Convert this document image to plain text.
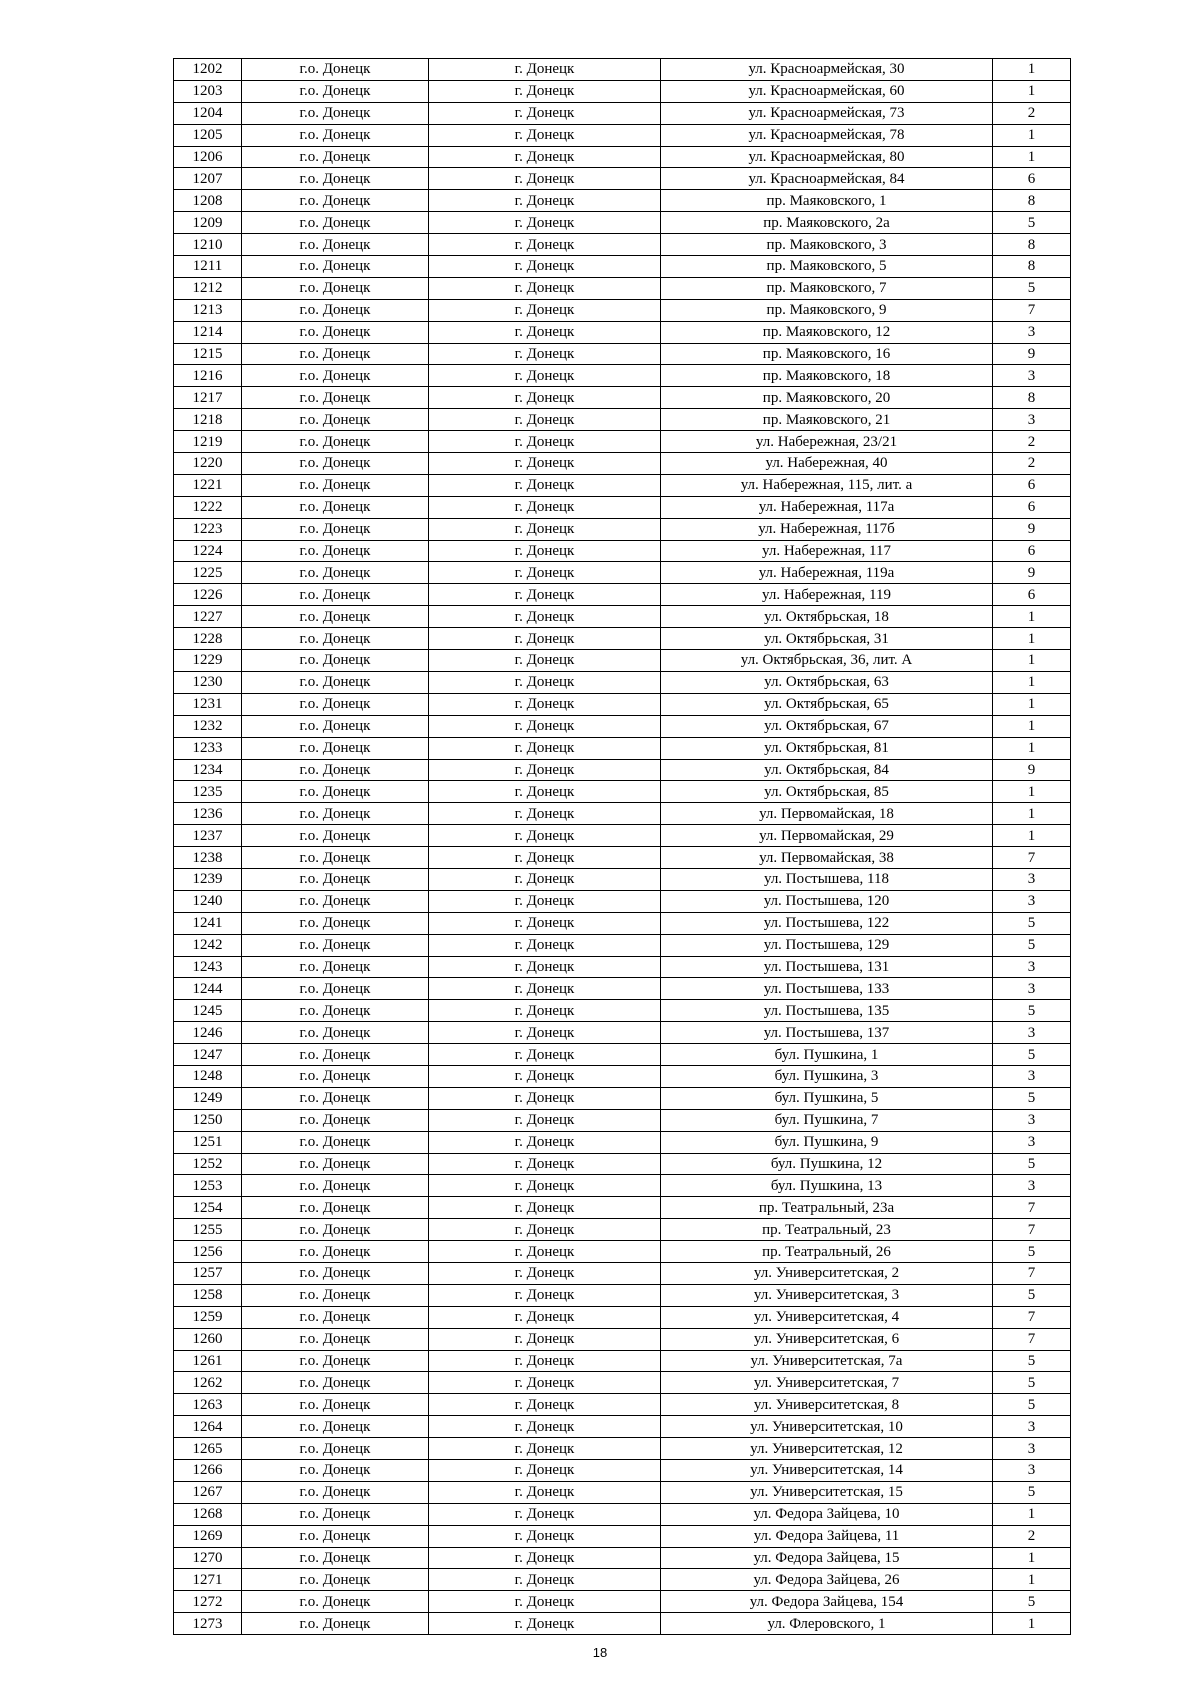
1202	г.о. Донецк	г. Донецк	ул. Красноармейская, 30	1
1203	г.о. Донецк	г. Донецк	ул. Красноармейская, 60	1
1204	г.о. Донецк	г. Донецк	ул. Красноармейская, 73	2
1205	г.о. Донецк	г. Донецк	ул. Красноармейская, 78	1
1206	г.о. Донецк	г. Донецк	ул. Красноармейская, 80	1
1207	г.о. Донецк	г. Донецк	ул. Красноармейская, 84	6
1208	г.о. Донецк	г. Донецк	пр. Маяковского, 1	8
1209	г.о. Донецк	г. Донецк	пр. Маяковского, 2а	5
1210	г.о. Донецк	г. Донецк	пр. Маяковского, 3	8
1211	г.о. Донецк	г. Донецк	пр. Маяковского, 5	8
1212	г.о. Донецк	г. Донецк	пр. Маяковского, 7	5
1213	г.о. Донецк	г. Донецк	пр. Маяковского, 9	7
1214	г.о. Донецк	г. Донецк	пр. Маяковского, 12	3
1215	г.о. Донецк	г. Донецк	пр. Маяковского, 16	9
1216	г.о. Донецк	г. Донецк	пр. Маяковского, 18	3
1217	г.о. Донецк	г. Донецк	пр. Маяковского, 20	8
1218	г.о. Донецк	г. Донецк	пр. Маяковского, 21	3
1219	г.о. Донецк	г. Донецк	ул. Набережная, 23/21	2
1220	г.о. Донецк	г. Донецк	ул. Набережная, 40	2
1221	г.о. Донецк	г. Донецк	ул. Набережная, 115, лит. а	6
1222	г.о. Донецк	г. Донецк	ул. Набережная, 117а	6
1223	г.о. Донецк	г. Донецк	ул. Набережная, 117б	9
1224	г.о. Донецк	г. Донецк	ул. Набережная, 117	6
1225	г.о. Донецк	г. Донецк	ул. Набережная, 119а	9
1226	г.о. Донецк	г. Донецк	ул. Набережная, 119	6
1227	г.о. Донецк	г. Донецк	ул. Октябрьская, 18	1
1228	г.о. Донецк	г. Донецк	ул. Октябрьская, 31	1
1229	г.о. Донецк	г. Донецк	ул. Октябрьская, 36, лит. А	1
1230	г.о. Донецк	г. Донецк	ул. Октябрьская, 63	1
1231	г.о. Донецк	г. Донецк	ул. Октябрьская, 65	1
1232	г.о. Донецк	г. Донецк	ул. Октябрьская, 67	1
1233	г.о. Донецк	г. Донецк	ул. Октябрьская, 81	1
1234	г.о. Донецк	г. Донецк	ул. Октябрьская, 84	9
1235	г.о. Донецк	г. Донецк	ул. Октябрьская, 85	1
1236	г.о. Донецк	г. Донецк	ул. Первомайская, 18	1
1237	г.о. Донецк	г. Донецк	ул. Первомайская, 29	1
1238	г.о. Донецк	г. Донецк	ул. Первомайская, 38	7
1239	г.о. Донецк	г. Донецк	ул. Постышева, 118	3
1240	г.о. Донецк	г. Донецк	ул. Постышева, 120	3
1241	г.о. Донецк	г. Донецк	ул. Постышева, 122	5
1242	г.о. Донецк	г. Донецк	ул. Постышева, 129	5
1243	г.о. Донецк	г. Донецк	ул. Постышева, 131	3
1244	г.о. Донецк	г. Донецк	ул. Постышева, 133	3
1245	г.о. Донецк	г. Донецк	ул. Постышева, 135	5
1246	г.о. Донецк	г. Донецк	ул. Постышева, 137	3
1247	г.о. Донецк	г. Донецк	бул. Пушкина, 1	5
1248	г.о. Донецк	г. Донецк	бул. Пушкина, 3	3
1249	г.о. Донецк	г. Донецк	бул. Пушкина, 5	5
1250	г.о. Донецк	г. Донецк	бул. Пушкина, 7	3
1251	г.о. Донецк	г. Донецк	бул. Пушкина, 9	3
1252	г.о. Донецк	г. Донецк	бул. Пушкина, 12	5
1253	г.о. Донецк	г. Донецк	бул. Пушкина, 13	3
1254	г.о. Донецк	г. Донецк	пр. Театральный, 23а	7
1255	г.о. Донецк	г. Донецк	пр. Театральный, 23	7
1256	г.о. Донецк	г. Донецк	пр. Театральный, 26	5
1257	г.о. Донецк	г. Донецк	ул. Университетская, 2	7
1258	г.о. Донецк	г. Донецк	ул. Университетская, 3	5
1259	г.о. Донецк	г. Донецк	ул. Университетская, 4	7
1260	г.о. Донецк	г. Донецк	ул. Университетская, 6	7
1261	г.о. Донецк	г. Донецк	ул. Университетская, 7а	5
1262	г.о. Донецк	г. Донецк	ул. Университетская, 7	5
1263	г.о. Донецк	г. Донецк	ул. Университетская, 8	5
1264	г.о. Донецк	г. Донецк	ул. Университетская, 10	3
1265	г.о. Донецк	г. Донецк	ул. Университетская, 12	3
1266	г.о. Донецк	г. Донецк	ул. Университетская, 14	3
1267	г.о. Донецк	г. Донецк	ул. Университетская, 15	5
1268	г.о. Донецк	г. Донецк	ул. Федора Зайцева, 10	1
1269	г.о. Донецк	г. Донецк	ул. Федора Зайцева, 11	2
1270	г.о. Донецк	г. Донецк	ул. Федора Зайцева, 15	1
1271	г.о. Донецк	г. Донецк	ул. Федора Зайцева, 26	1
1272	г.о. Донецк	г. Донецк	ул. Федора Зайцева, 154	5
1273	г.о. Донецк	г. Донецк	ул. Флеровского, 1	1
18
